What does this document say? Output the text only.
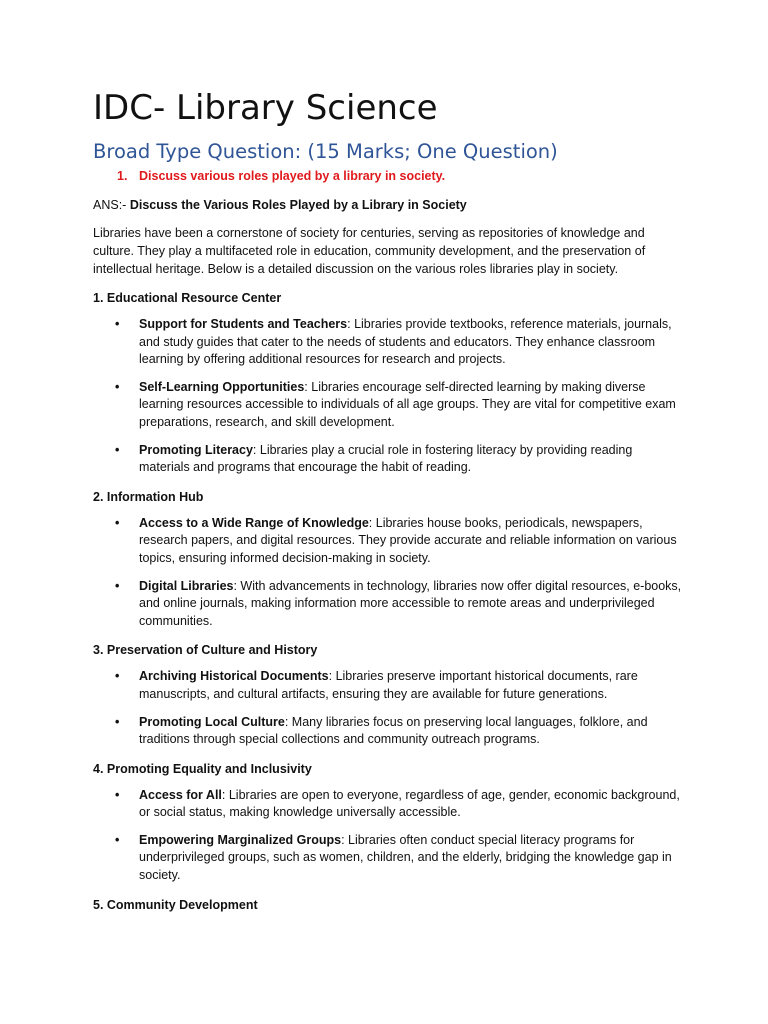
IDC- Library Science
Broad Type Question: (15 Marks; One Question)
1. Discuss various roles played by a library in society.
ANS:- Discuss the Various Roles Played by a Library in Society

Libraries have been a cornerstone of society for centuries, serving as repositories of knowledge and culture. They play a multifaceted role in education, community development, and the preservation of intellectual heritage. Below is a detailed discussion on the various roles libraries play in society.

1. Educational Resource Center
• Support for Students and Teachers: Libraries provide textbooks, reference materials, journals, and study guides that cater to the needs of students and educators. They enhance classroom learning by offering additional resources for research and projects.
• Self-Learning Opportunities: Libraries encourage self-directed learning by making diverse learning resources accessible to individuals of all age groups. They are vital for competitive exam preparations, research, and skill development.
• Promoting Literacy: Libraries play a crucial role in fostering literacy by providing reading materials and programs that encourage the habit of reading.
2. Information Hub
• Access to a Wide Range of Knowledge: Libraries house books, periodicals, newspapers, research papers, and digital resources. They provide accurate and reliable information on various topics, ensuring informed decision-making in society.
• Digital Libraries: With advancements in technology, libraries now offer digital resources, e-books, and online journals, making information more accessible to remote areas and underprivileged communities.
3. Preservation of Culture and History
• Archiving Historical Documents: Libraries preserve important historical documents, rare manuscripts, and cultural artifacts, ensuring they are available for future generations.
• Promoting Local Culture: Many libraries focus on preserving local languages, folklore, and traditions through special collections and community outreach programs.
4. Promoting Equality and Inclusivity
• Access for All: Libraries are open to everyone, regardless of age, gender, economic background, or social status, making knowledge universally accessible.
• Empowering Marginalized Groups: Libraries often conduct special literacy programs for underprivileged groups, such as women, children, and the elderly, bridging the knowledge gap in society.
5. Community Development
